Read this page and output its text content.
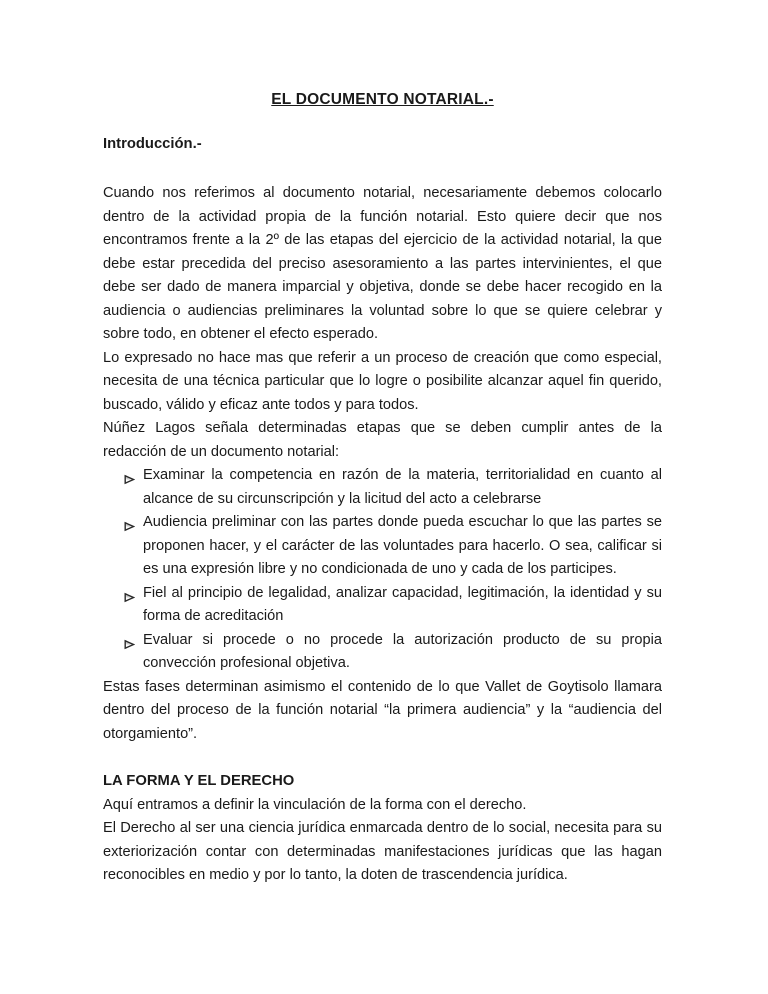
EL DOCUMENTO NOTARIAL.-
Introducción.-

Cuando nos referimos al documento notarial, necesariamente debemos colocarlo dentro de la actividad propia de la función notarial. Esto quiere decir que nos encontramos frente a la 2º de las etapas del ejercicio de la actividad notarial, la que debe estar precedida del preciso asesoramiento a las partes intervinientes, el que debe ser dado de manera imparcial y objetiva, donde se debe hacer recogido en la audiencia o audiencias preliminares la voluntad sobre lo que se quiere celebrar y sobre todo, en obtener el efecto esperado.

Lo expresado no hace mas que referir a un proceso de creación que como especial, necesita de una técnica particular que lo logre o posibilite alcanzar aquel fin querido, buscado, válido y eficaz ante todos y para todos.

Núñez Lagos señala determinadas etapas que se deben cumplir antes de la redacción de un documento notarial:

Examinar la competencia en razón de la materia, territorialidad en cuanto al alcance de su circunscripción y la licitud del acto a celebrarse
Audiencia preliminar con las partes donde pueda escuchar lo que las partes se proponen hacer, y el carácter de las voluntades para hacerlo. O sea, calificar si es una expresión libre y no condicionada de uno y cada de los participes.
Fiel al principio de legalidad, analizar capacidad, legitimación, la identidad y su forma de acreditación
Evaluar si procede o no procede la autorización producto de su propia convección profesional objetiva.

Estas fases determinan asimismo el contenido de lo que Vallet de Goytisolo llamara dentro del proceso de la función notarial “la primera audiencia” y la “audiencia del otorgamiento”.

LA FORMA Y EL DERECHO

Aquí entramos a definir la vinculación de la forma con el derecho.

El Derecho al ser una ciencia jurídica enmarcada dentro de lo social, necesita para su exteriorización contar con determinadas manifestaciones jurídicas que las hagan reconocibles en medio y por lo tanto, la doten de trascendencia jurídica.
